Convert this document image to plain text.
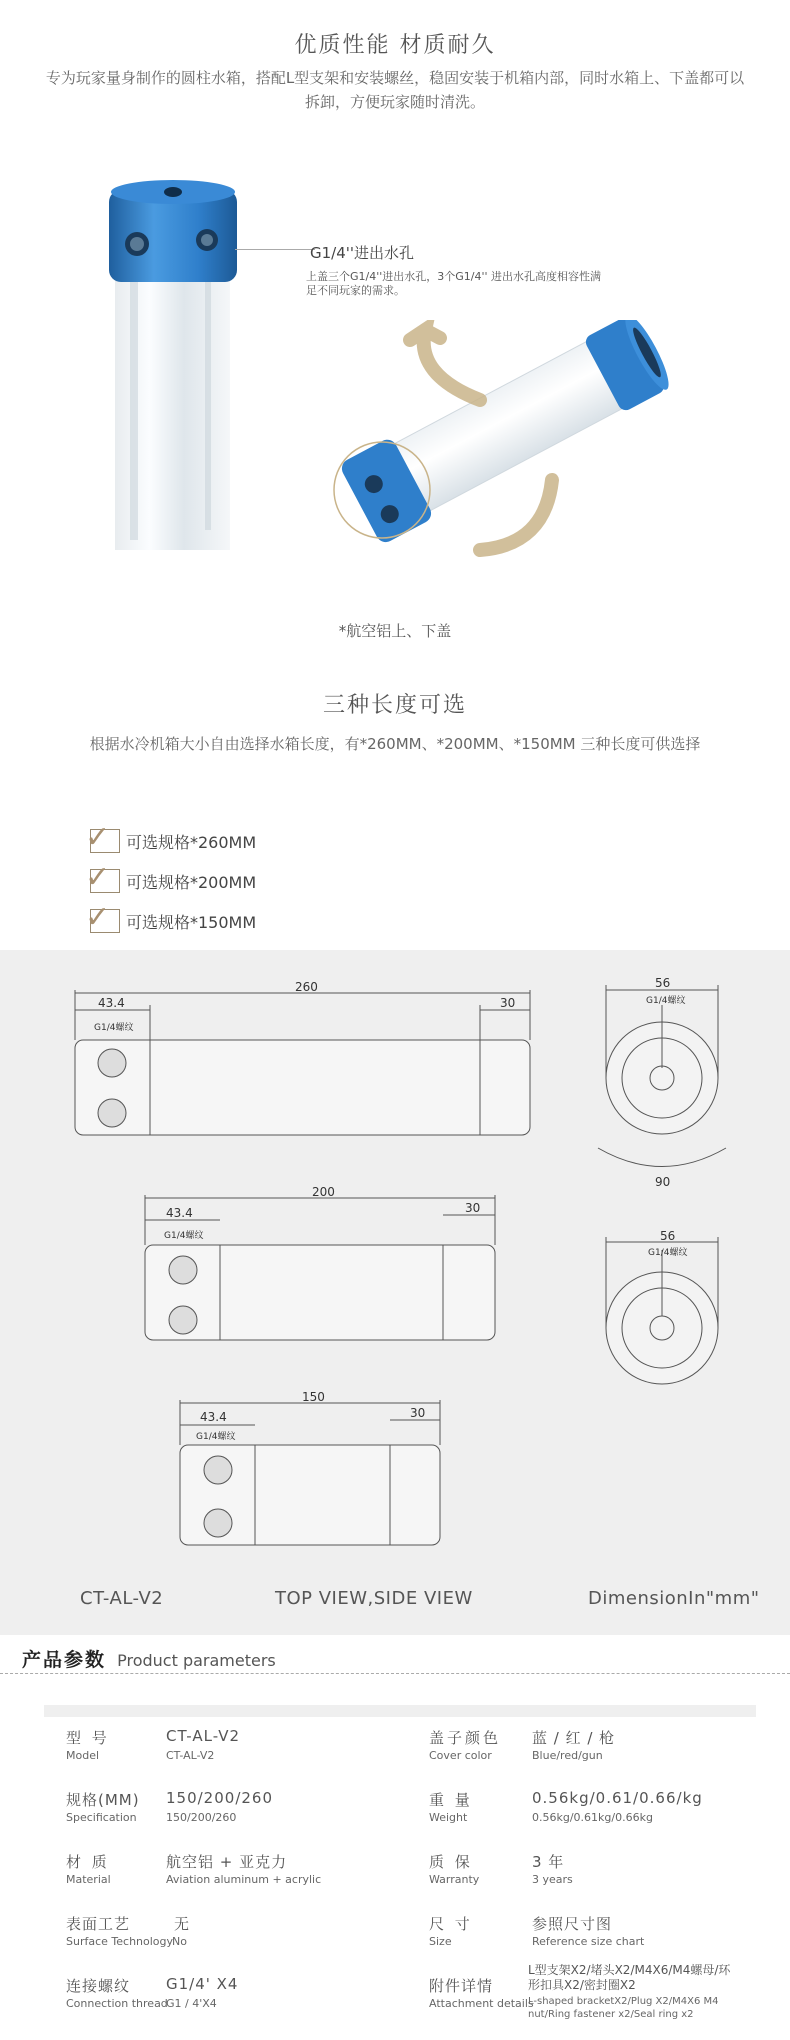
优质性能 材质耐久
专为玩家量身制作的圆柱水箱，搭配L型支架和安装螺丝，稳固安装于机箱内部，同时水箱上、下盖都可以拆卸，方便玩家随时清洗。
G1/4''进出水孔
上盖三个G1/4''进出水孔，3个G1/4'' 进出水孔高度相容性满足不同玩家的需求。
*航空铝上、下盖
三种长度可选
根据水冷机箱大小自由选择水箱长度，有*260MM、*200MM、*150MM 三种长度可供选择
✓ 可选规格*260MM
✓ 可选规格*200MM
✓ 可选规格*150MM
260
30
43.4
G1/4螺纹
56
G1/4螺纹
90
200
30
43.4
G1/4螺纹	56
G1/4螺纹
150
30
43.4
G1/4螺纹
CT-AL-V2	TOP VIEW,SIDE VIEW	DimensionIn"mm"
产品参数 Product parameters
型 号
Model
CT-AL-V2
CT-AL-V2
盖子颜色
Cover color
蓝 / 红 / 枪
Blue/red/gun
规格(MM)
Specification
150/200/260
150/200/260
重 量
Weight
0.56kg/0.61/0.66/kg
0.56kg/0.61kg/0.66kg
材 质
Material
航空铝 + 亚克力
Aviation aluminum + acrylic
质 保
Warranty
3 年
3 years
表面工艺
Surface Technology
无
No
尺 寸
Size
参照尺寸图
Reference size chart
连接螺纹
Connection thread
G1/4' X4
G1 / 4'X4
附件详情
Attachment details
L型支架X2/堵头X2/M4X6/M4螺母/环形扣具X2/密封圈X2
L-shaped bracketX2/Plug X2/M4X6 M4 nut/Ring fastener x2/Seal ring x2
